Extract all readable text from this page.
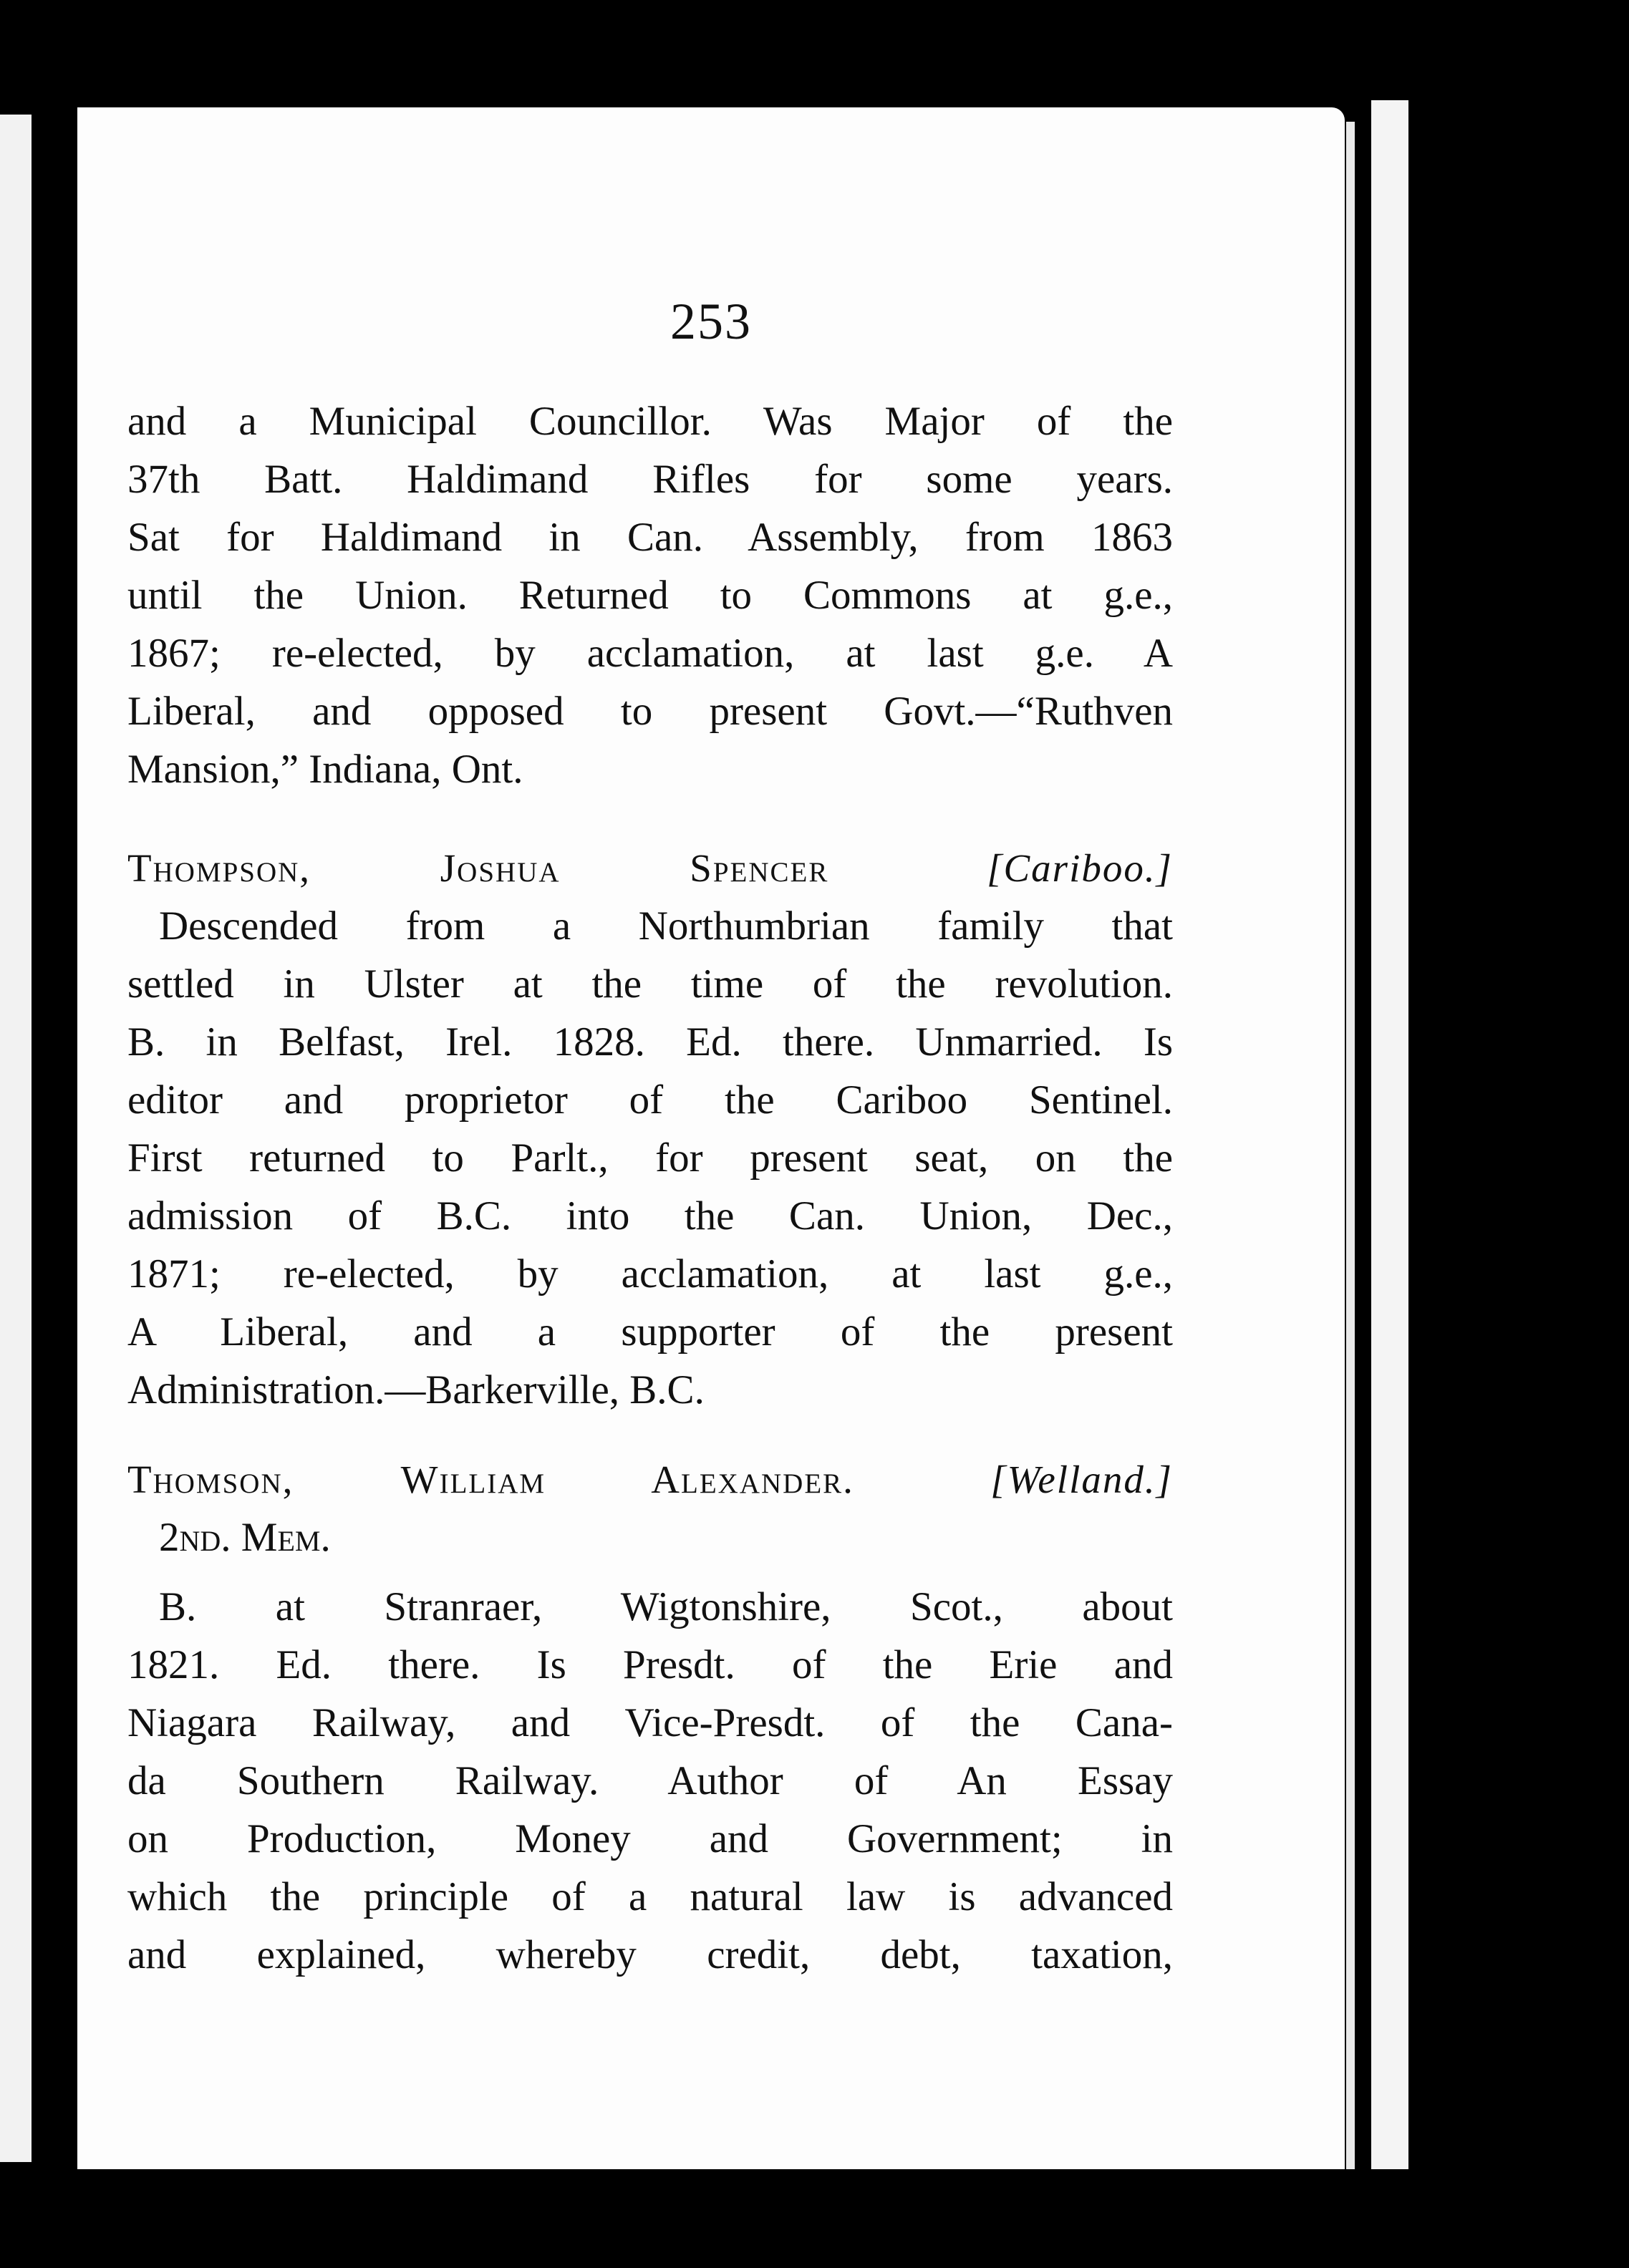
253
and a Municipal Councillor. Was Major of the
37th Batt. Haldimand Rifles for some years.
Sat for Haldimand in Can. Assembly, from 1863
until the Union. Returned to Commons at g.e.,
1867; re-elected, by acclamation, at last g.e. A
Liberal, and opposed to present Govt.—“Ruthven
Mansion,” Indiana, Ont.
Thompson, Joshua Spencer	[Cariboo.]
Descended from a Northumbrian family that
settled in Ulster at the time of the revolution.
B. in Belfast, Irel. 1828. Ed. there. Unmarried. Is
editor and proprietor of the Cariboo Sentinel.
First returned to Parlt., for present seat, on the
admission of B.C. into the Can. Union, Dec.,
1871; re-elected, by acclamation, at last g.e.,
A Liberal, and a supporter of the present
Administration.—Barkerville, B.C.
Thomson, William Alexander.	[Welland.]
2nd. Mem.
B. at Stranraer, Wigtonshire, Scot., about
1821. Ed. there. Is Presdt. of the Erie and
Niagara Railway, and Vice-Presdt. of the Cana-
da Southern Railway. Author of An Essay
on Production, Money and Government; in
which the principle of a natural law is advanced
and explained, whereby credit, debt, taxation,
